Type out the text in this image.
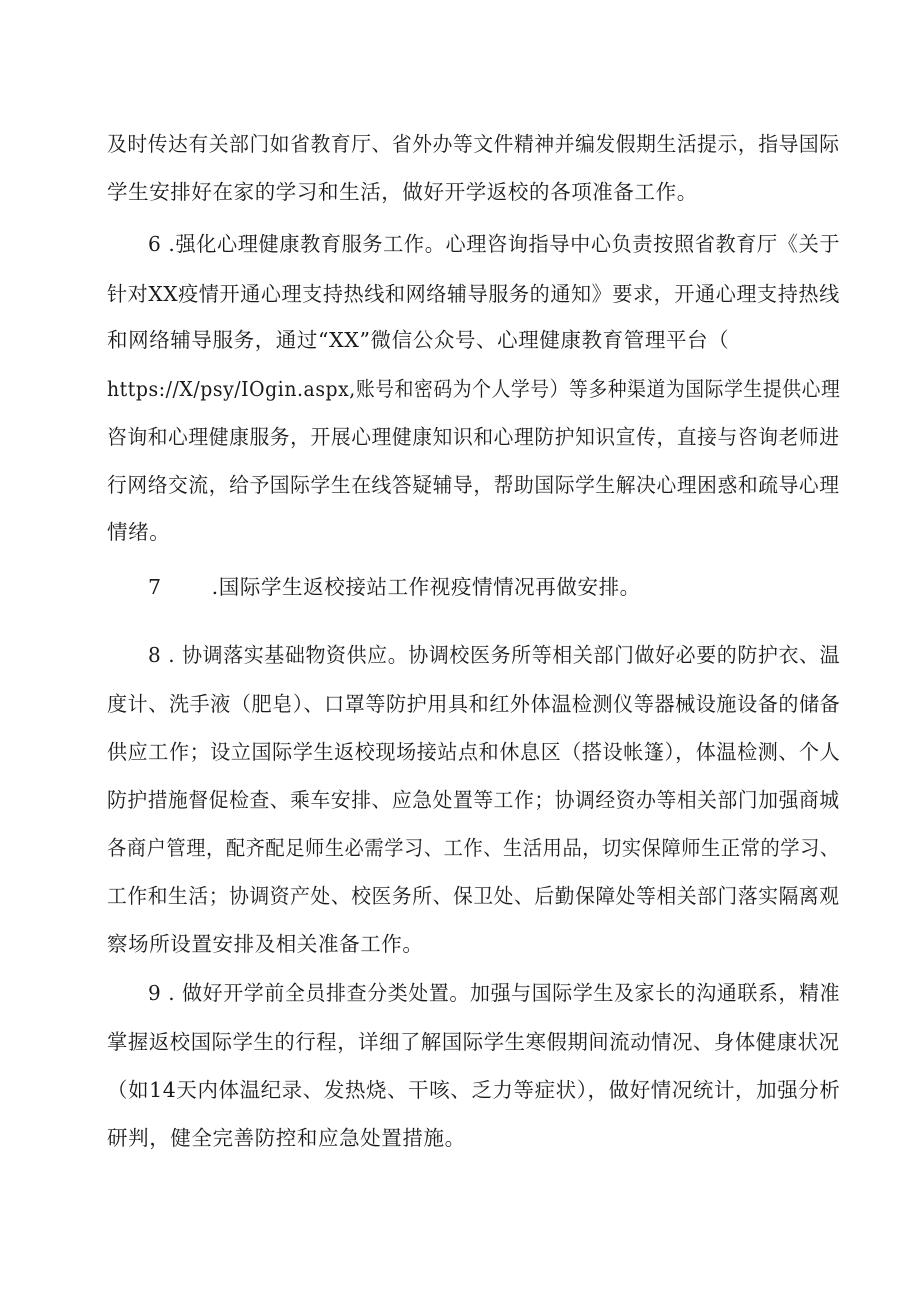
及时传达有关部门如省教育厅、省外办等文件精神并编发假期生活提示，指导国际
学生安排好在家的学习和生活，做好开学返校的各项准备工作。
6 .强化心理健康教育服务工作。心理咨询指导中心负责按照省教育厅《关于
针对XX疫情开通心理支持热线和网络辅导服务的通知》要求，开通心理支持热线
和网络辅导服务，通过“XX”微信公众号、心理健康教育管理平台（
https://X/psy/IOgin.aspx,账号和密码为个人学号）等多种渠道为国际学生提供心理
咨询和心理健康服务，开展心理健康知识和心理防护知识宣传，直接与咨询老师进
行网络交流，给予国际学生在线答疑辅导，帮助国际学生解决心理困惑和疏导心理
情绪。
7 .国际学生返校接站工作视疫情情况再做安排。
8 . 协调落实基础物资供应。协调校医务所等相关部门做好必要的防护衣、温
度计、洗手液（肥皂）、口罩等防护用具和红外体温检测仪等器械设施设备的储备
供应工作；设立国际学生返校现场接站点和休息区（搭设帐篷），体温检测、个人
防护措施督促检查、乘车安排、应急处置等工作；协调经资办等相关部门加强商城
各商户管理，配齐配足师生必需学习、工作、生活用品，切实保障师生正常的学习、
工作和生活；协调资产处、校医务所、保卫处、后勤保障处等相关部门落实隔离观
察场所设置安排及相关准备工作。
9 . 做好开学前全员排查分类处置。加强与国际学生及家长的沟通联系，精准
掌握返校国际学生的行程，详细了解国际学生寒假期间流动情况、身体健康状况
（如14天内体温纪录、发热烧、干咳、乏力等症状），做好情况统计，加强分析
研判，健全完善防控和应急处置措施。
